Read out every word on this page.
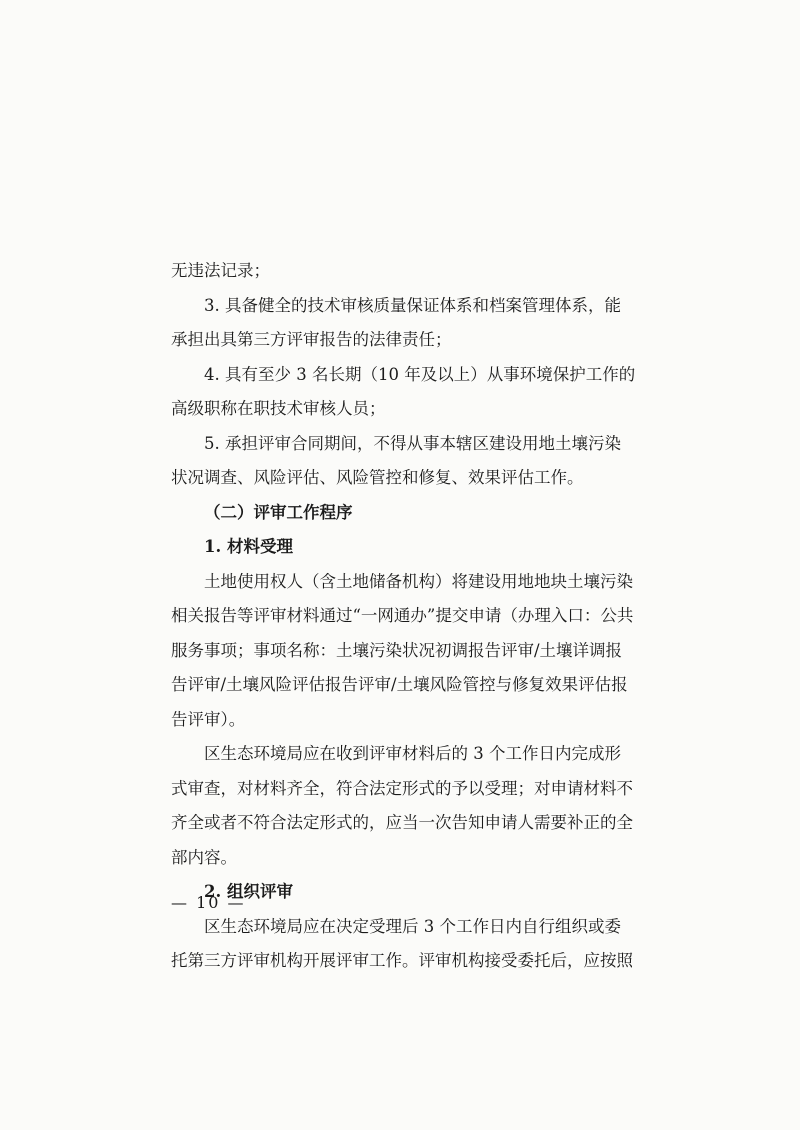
无违法记录；
3. 具备健全的技术审核质量保证体系和档案管理体系，能
承担出具第三方评审报告的法律责任；
4. 具有至少 3 名长期（10 年及以上）从事环境保护工作的
高级职称在职技术审核人员；
5. 承担评审合同期间，不得从事本辖区建设用地土壤污染
状况调查、风险评估、风险管控和修复、效果评估工作。
（二）评审工作程序
1. 材料受理
土地使用权人（含土地储备机构）将建设用地地块土壤污染
相关报告等评审材料通过“一网通办”提交申请（办理入口：公共
服务事项；事项名称：土壤污染状况初调报告评审/土壤详调报
告评审/土壤风险评估报告评审/土壤风险管控与修复效果评估报
告评审）。
区生态环境局应在收到评审材料后的 3 个工作日内完成形
式审查，对材料齐全，符合法定形式的予以受理；对申请材料不
齐全或者不符合法定形式的，应当一次告知申请人需要补正的全
部内容。
2. 组织评审
区生态环境局应在决定受理后 3 个工作日内自行组织或委
托第三方评审机构开展评审工作。评审机构接受委托后，应按照
— 10 —
